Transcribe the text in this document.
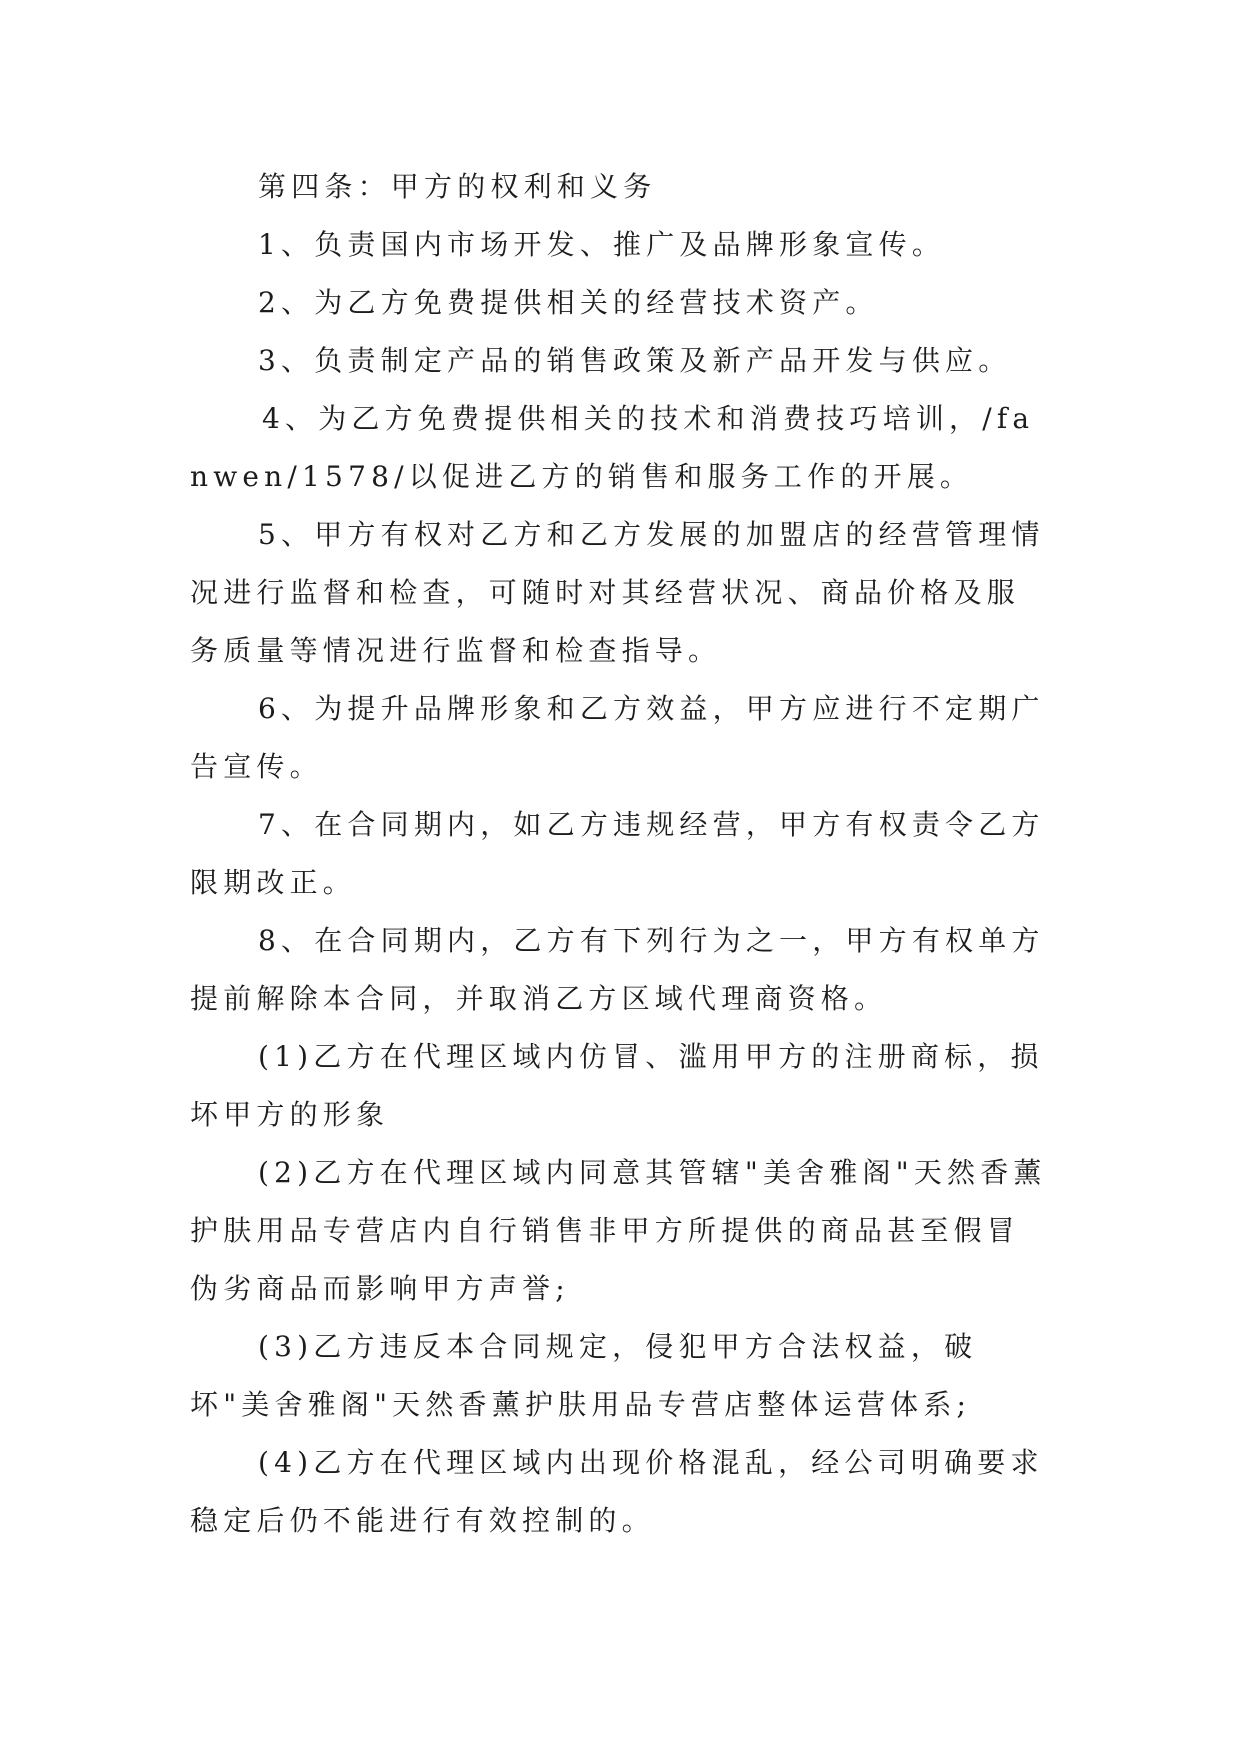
第四条：甲方的权利和义务

1、负责国内市场开发、推广及品牌形象宣传。

2、为乙方免费提供相关的经营技术资产。

3、负责制定产品的销售政策及新产品开发与供应。

4、为乙方免费提供相关的技术和消费技巧培训，/fanwen/1578/以促进乙方的销售和服务工作的开展。

5、甲方有权对乙方和乙方发展的加盟店的经营管理情况进行监督和检查，可随时对其经营状况、商品价格及服务质量等情况进行监督和检查指导。

6、为提升品牌形象和乙方效益，甲方应进行不定期广告宣传。

7、在合同期内，如乙方违规经营，甲方有权责令乙方限期改正。

8、在合同期内，乙方有下列行为之一，甲方有权单方提前解除本合同，并取消乙方区域代理商资格。

(1)乙方在代理区域内仿冒、滥用甲方的注册商标，损坏甲方的形象

(2)乙方在代理区域内同意其管辖"美舍雅阁"天然香薰护肤用品专营店内自行销售非甲方所提供的商品甚至假冒伪劣商品而影响甲方声誉;

(3)乙方违反本合同规定，侵犯甲方合法权益，破坏"美舍雅阁"天然香薰护肤用品专营店整体运营体系;

(4)乙方在代理区域内出现价格混乱，经公司明确要求稳定后仍不能进行有效控制的。
